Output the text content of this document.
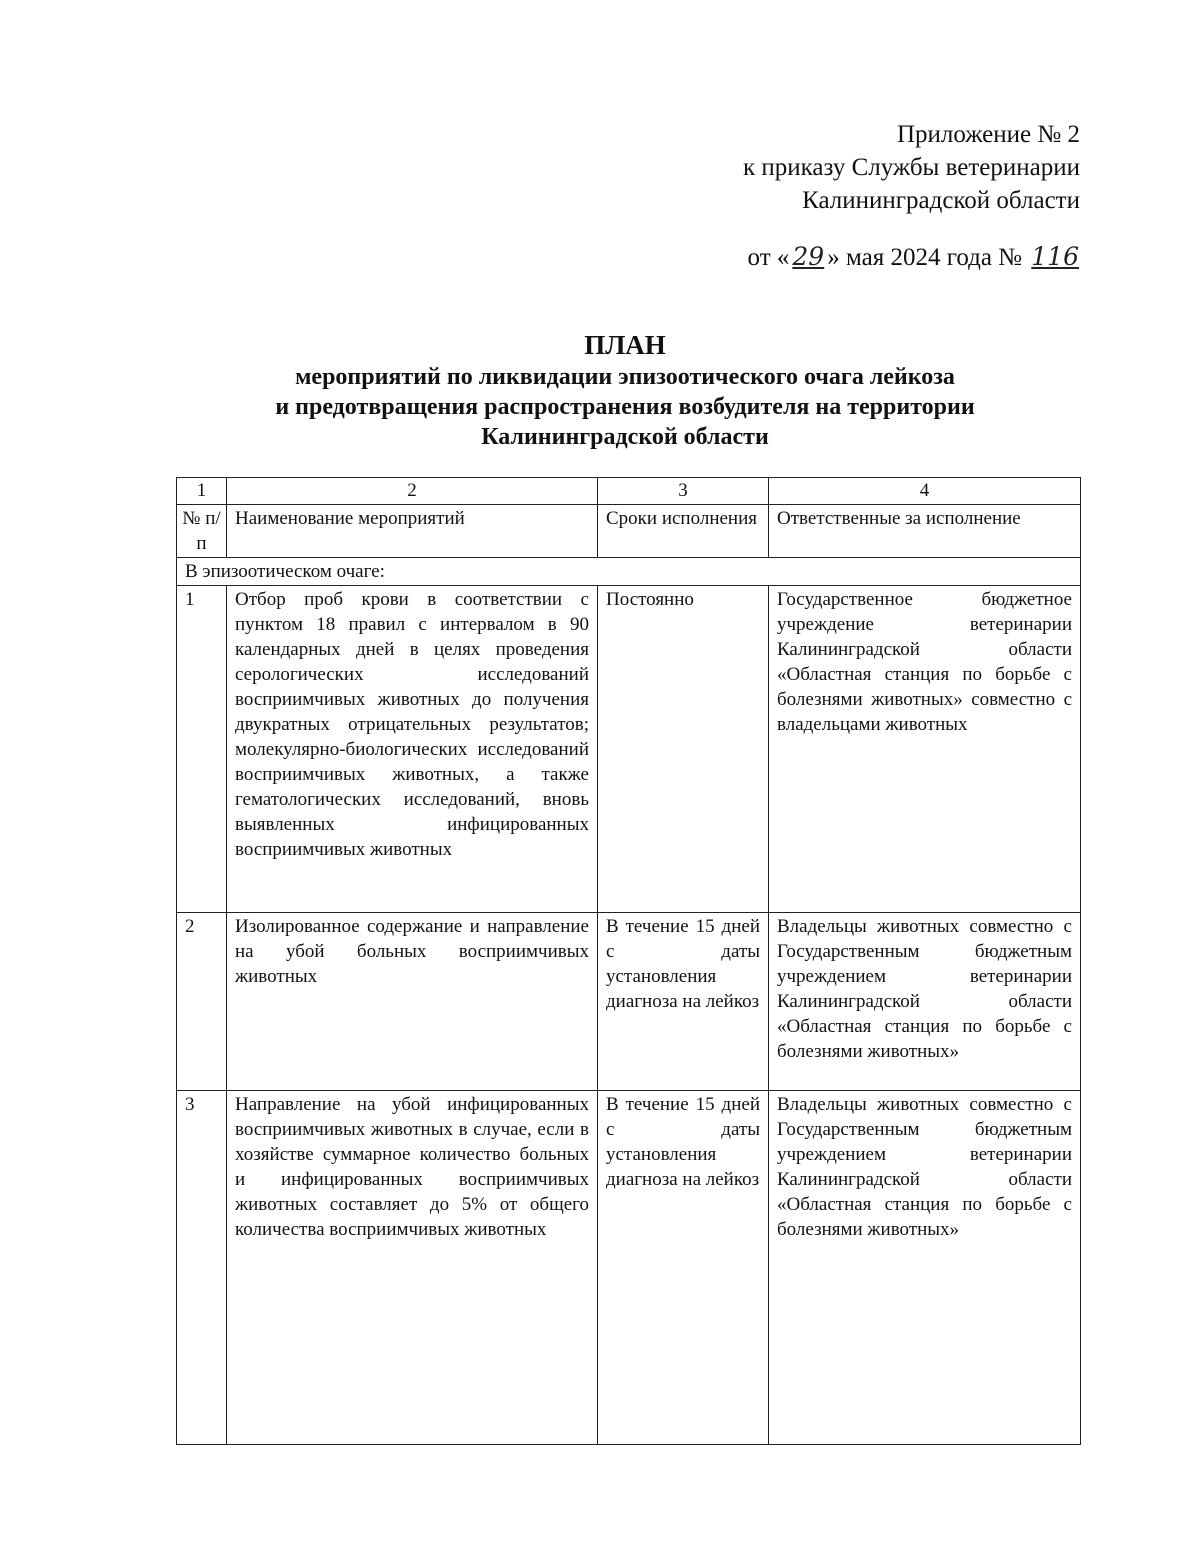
Приложение № 2
к приказу Службы ветеринарии
Калининградской области
от « 29 » мая 2024 года № 116
ПЛАН
мероприятий по ликвидации эпизоотического очага лейкоза
и предотвращения распространения возбудителя на территории
Калининградской области
1	2	3	4
№ п/п	Наименование мероприятий	Сроки исполнения	Ответственные за исполнение
В эпизоотическом очаге:			
1	Отбор проб крови в соответствии с пунктом 18 правил с интервалом в 90 календарных дней в целях проведения серологических исследований восприимчивых животных до получения двукратных отрицательных результатов; молекулярно-биологических исследований восприимчивых животных, а также гематологических исследований, вновь выявленных инфицированных восприимчивых животных	Постоянно	Государственное бюджетное учреждение ветеринарии Калининградской области «Областная станция по борьбе с болезнями животных» совместно с владельцами животных
2	Изолированное содержание и направление на убой больных восприимчивых животных	В течение 15 дней с даты установления диагноза на лейкоз	Владельцы животных совместно с Государственным бюджетным учреждением ветеринарии Калининградской области «Областная станция по борьбе с болезнями животных»
3	Направление на убой инфицированных восприимчивых животных в случае, если в хозяйстве суммарное количество больных и инфицированных восприимчивых животных составляет до 5% от общего количества восприимчивых животных	В течение 15 дней с даты установления диагноза на лейкоз	Владельцы животных совместно с Государственным бюджетным учреждением ветеринарии Калининградской области «Областная станция по борьбе с болезнями животных»
